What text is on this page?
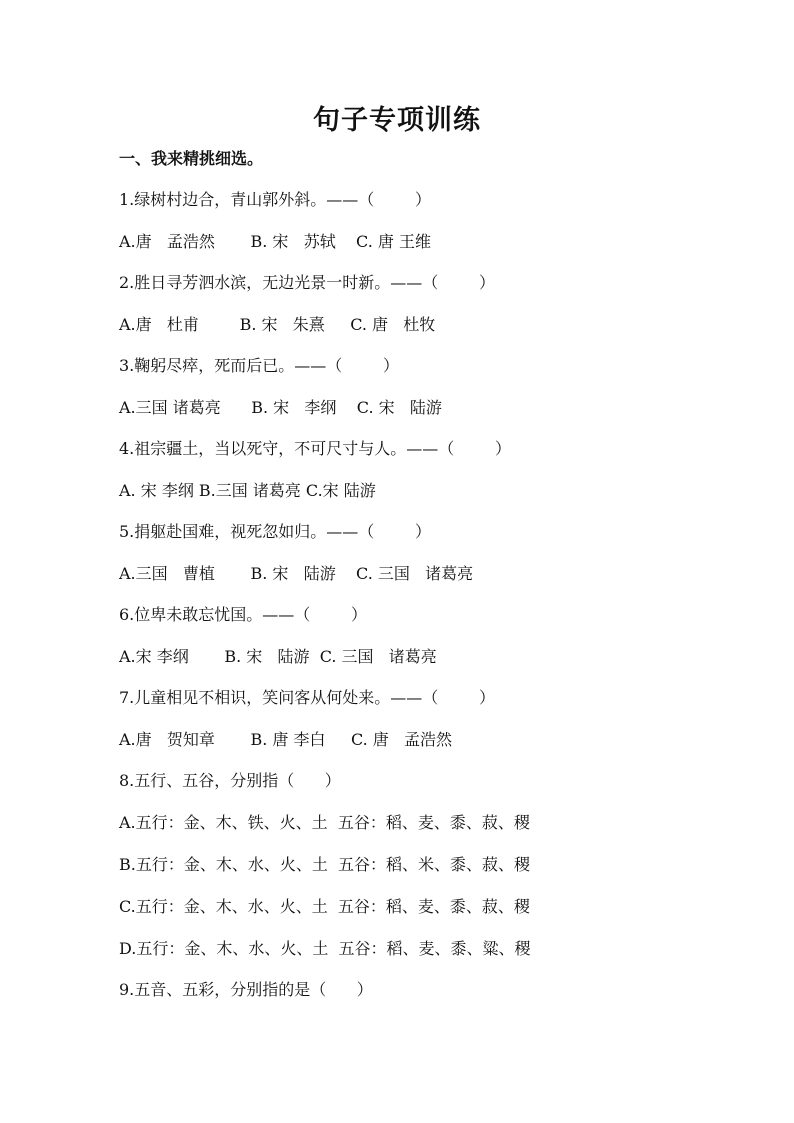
句子专项训练
一、我来精挑细选。
1.绿树村边合，青山郭外斜。——（        ）
A.唐   孟浩然       B. 宋   苏轼    C. 唐 王维
2.胜日寻芳泗水滨，无边光景一时新。——（        ）
A.唐   杜甫        B. 宋   朱熹     C. 唐   杜牧
3.鞠躬尽瘁，死而后已。——（        ）
A.三国 诸葛亮      B. 宋   李纲    C. 宋   陆游
4.祖宗疆土，当以死守，不可尺寸与人。——（        ）
A. 宋 李纲 B.三国 诸葛亮 C.宋 陆游
5.捐躯赴国难，视死忽如归。——（        ）
A.三国   曹植       B. 宋   陆游    C. 三国   诸葛亮
6.位卑未敢忘忧国。——（        ）
A.宋 李纲       B. 宋   陆游  C. 三国   诸葛亮
7.儿童相见不相识，笑问客从何处来。——（        ）
A.唐   贺知章       B. 唐 李白     C. 唐   孟浩然
8.五行、五谷，分别指（      ）
A.五行：金、木、铁、火、土  五谷：稻、麦、黍、菽、稷
B.五行：金、木、水、火、土  五谷：稻、米、黍、菽、稷
C.五行：金、木、水、火、土  五谷：稻、麦、黍、菽、稷
D.五行：金、木、水、火、土  五谷：稻、麦、黍、粱、稷
9.五音、五彩，分别指的是（      ）
